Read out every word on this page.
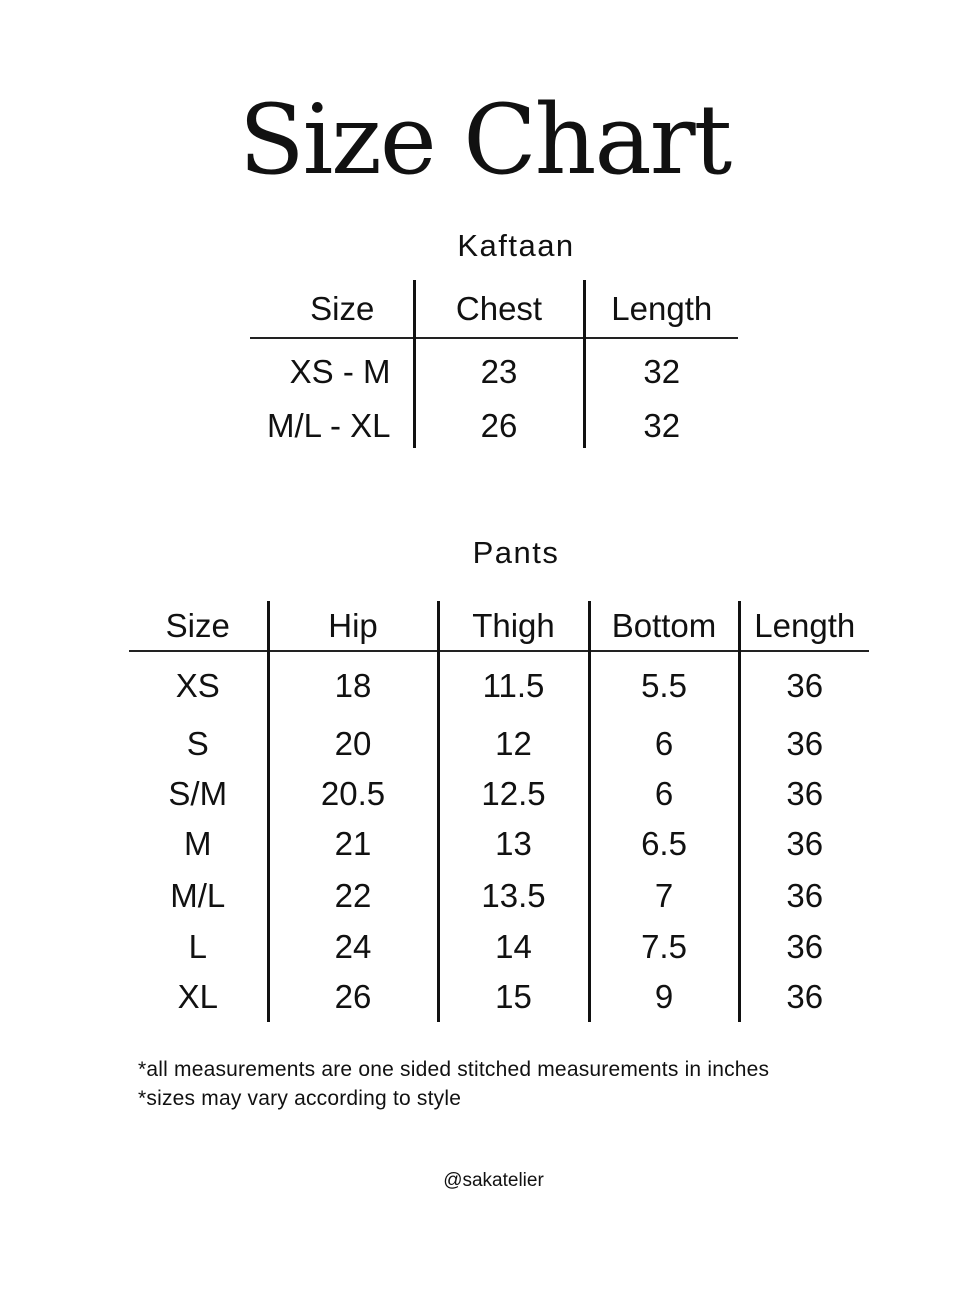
Size Chart
Kaftaan
Size	Chest	Length
XS - M	23	32
M/L - XL	26	32
Pants
Size	Hip	Thigh	Bottom	Length
XS	18	11.5	5.5	36
S	20	12	6	36
S/M	20.5	12.5	6	36
M	21	13	6.5	36
M/L	22	13.5	7	36
L	24	14	7.5	36
XL	26	15	9	36

*all measurements are one sided stitched measurements in inches

*sizes may vary according to style

@sakatelier
